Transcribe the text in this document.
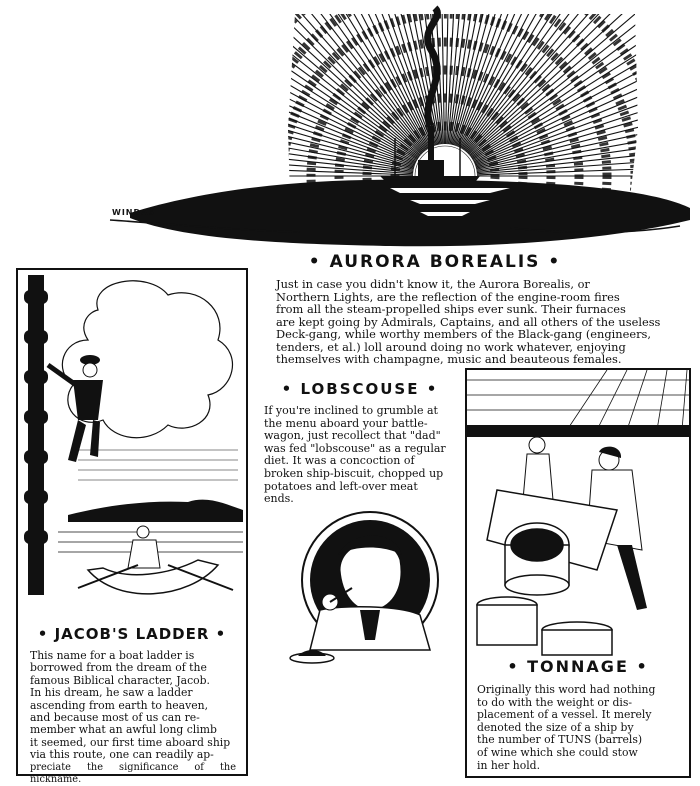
WINDAS
• AURORA BOREALIS •
Just in case you didn't know it, the Aurora Borealis, or
Northern Lights, are the reflection of the engine-room fires
from all the steam-propelled ships ever sunk. Their furnaces
are kept going by Admirals, Captains, and all others of the useless
Deck-gang, while worthy members of the Black-gang (engineers,
tenders, et al.) loll around doing no work whatever, enjoying
themselves with champagne, music and beauteous females.
• JACOB'S LADDER •
This name for a boat ladder is
borrowed from the dream of the
famous Biblical character, Jacob.
In his dream, he saw a ladder
ascending from earth to heaven,
and because most of us can re-
member what an awful long climb
it seemed, our first time aboard ship
via this route, one can readily ap-
preciate the significance of the nickname.
• LOBSCOUSE •
If you're inclined to grumble at
the menu aboard your battle-
wagon, just recollect that "dad"
was fed "lobscouse" as a regular
diet. It was a concoction of
broken ship-biscuit, chopped up
potatoes and left-over meat
ends.
• TONNAGE •
Originally this word had nothing
to do with the weight or dis-
placement of a vessel. It merely
denoted the size of a ship by
the number of TUNS (barrels)
of wine which she could stow
in her hold.
